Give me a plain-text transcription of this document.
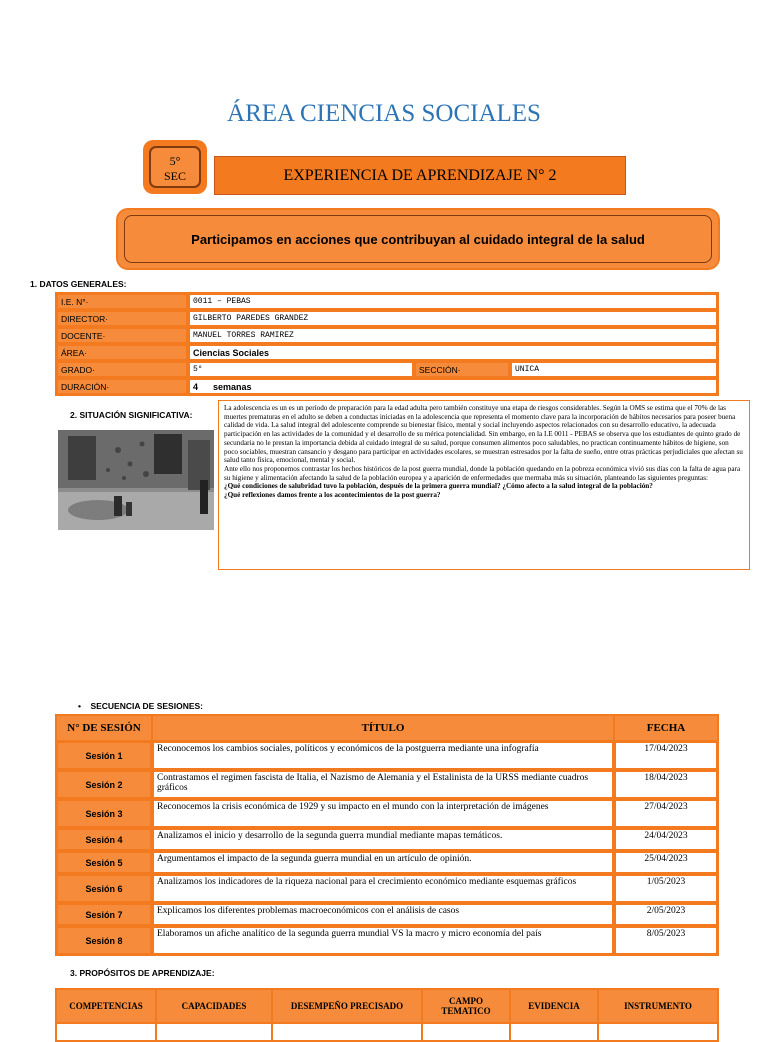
ÁREA CIENCIAS SOCIALES
5°
SEC	EXPERIENCIA DE APRENDIZAJE N° 2
Participamos en acciones que contribuyan al cuidado integral de la salud
1. DATOS GENERALES:
I.E. N°·	0011 – PEBAS		
DIRECTOR·	GILBERTO PAREDES GRANDEZ		
DOCENTE·	MANUEL TORRES RAMIREZ		
ÁREA·	Ciencias Sociales		
GRADO·	5°	SECCIÓN·	UNICA
DURACIÓN·	4      semanas		
2. SITUACIÓN SIGNIFICATIVA:

La adolescencia es un es un período de preparación para la edad adulta pero también constituye una etapa de riesgos considerables. Según la OMS se estima que el 70% de las muertes prematuras en el adulto se deben a conductas iniciadas en la adolescencia que representa el momento clave para la incorporación de hábitos necesarios para poseer buena calidad de vida. La salud integral del adolescente comprende su bienestar físico, mental y social incluyendo aspectos relacionados con su desarrollo educativo, la adecuada participación en las actividades de la comunidad y el desarrollo de su mérica potencialidad. Sin embargo, en la I.E 0011 - PEBAS se observa que los estudiantes de quinto grado de secundaria no le prestan la importancia debida al cuidado integral de su salud, porque consumen alimentos poco saludables, no practican continuamente hábitos de higiene, son poco sociables, muestran cansancio y desgano para participar en actividades escolares, se muestran estresados por la falta de sueño, entre otras prácticas perjudiciales que afectan su salud tanto física, emocional, mental y social.

Ante ello nos proponemos contrastar los hechos históricos de la post guerra mundial, donde la población quedando en la pobreza económica vivió sus días con la falta de agua para su higiene y alimentación afectando la salud de la población europea y a aparición de enfermedades que mermaba más su situación, planteando las siguientes preguntas:

¿Qué condiciones de salubridad tuvo la población, después de la primera guerra mundial? ¿Cómo afecto a la salud integral de la población?

¿Qué reflexiones damos frente a los acontecimientos de la post guerra?

•    SECUENCIA DE SESIONES:
N° DE SESIÓN	TÍTULO	FECHA
Sesión 1	Reconocemos los cambios sociales, políticos y económicos de la postguerra mediante una infografía	17/04/2023
Sesión 2	Contrastamos el regimen fascista de Italia, el Nazismo de Alemania y el Estalinista de la URSS mediante cuadros gráficos	18/04/2023
Sesión 3	Reconocemos la crisis económica de 1929 y su impacto en el mundo con la interpretación de imágenes	27/04/2023
Sesión 4	Analizamos el inicio y desarrollo de la segunda guerra mundial mediante mapas temáticos.	24/04/2023
Sesión 5	Argumentamos el impacto de la segunda guerra mundial en un artículo de opinión.	25/04/2023
Sesión 6	Analizamos los indicadores de la riqueza nacional para el crecimiento económico mediante esquemas gráficos	1/05/2023
Sesión 7	Explicamos los diferentes problemas macroeconómicos con el análisis de casos	2/05/2023
Sesión 8	Elaboramos un afiche analítico de la segunda guerra mundial VS la macro y micro economía del país	8/05/2023
3. PROPÓSITOS DE APRENDIZAJE:
COMPETENCIAS	CAPACIDADES	DESEMPEÑO PRECISADO	CAMPO TEMATICO	EVIDENCIA	INSTRUMENTO
